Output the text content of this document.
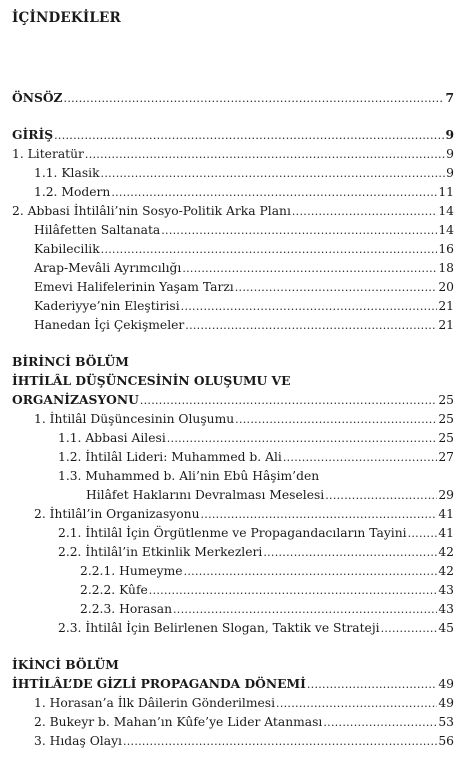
İÇİNDEKİLER
ÖNSÖZ .....	7
GİRİŞ .....	9
1. Literatür .....	9
1.1. Klasik .....	9
1.2. Modern .....	11
2. Abbasi İhtilâli’nin Sosyo-Politik Arka Planı .....	14
Hilâfetten Saltanata .....	14
Kabilecilik .....	16
Arap-Mevâli Ayrımcılığı .....	18
Emevi Halifelerinin Yaşam Tarzı .....	20
Kaderiyye’nin Eleştirisi .....	21
Hanedan İçi Çekişmeler .....	21
BİRİNCİ BÖLÜM
İHTİLÂL DÜŞÜNCESİNİN OLUŞUMU VE
ORGANİZASYONU .....	25
1. İhtilâl Düşüncesinin Oluşumu .....	25
1.1. Abbasi Ailesi .....	25
1.2. İhtilâl Lideri: Muhammed b. Ali .....	27
1.3. Muhammed b. Ali’nin Ebû Hâşim’den
Hilâfet Haklarını Devralması Meselesi .....	29
2. İhtilâl’in Organizasyonu .....	41
2.1. İhtilâl İçin Örgütlenme ve Propagandacıların Tayini .....	41
2.2. İhtilâl’in Etkinlik Merkezleri .....	42
2.2.1. Humeyme .....	42
2.2.2. Kûfe .....	43
2.2.3. Horasan .....	43
2.3. İhtilâl İçin Belirlenen Slogan, Taktik ve Strateji .....	45
İKİNCİ BÖLÜM
İHTİLÂL’DE GİZLİ PROPAGANDA DÖNEMİ .....	49
1. Horasan’a İlk Dâilerin Gönderilmesi .....	49
2. Bukeyr b. Mahan’ın Kûfe’ye Lider Atanması .....	53
3. Hıdaş Olayı .....	56
